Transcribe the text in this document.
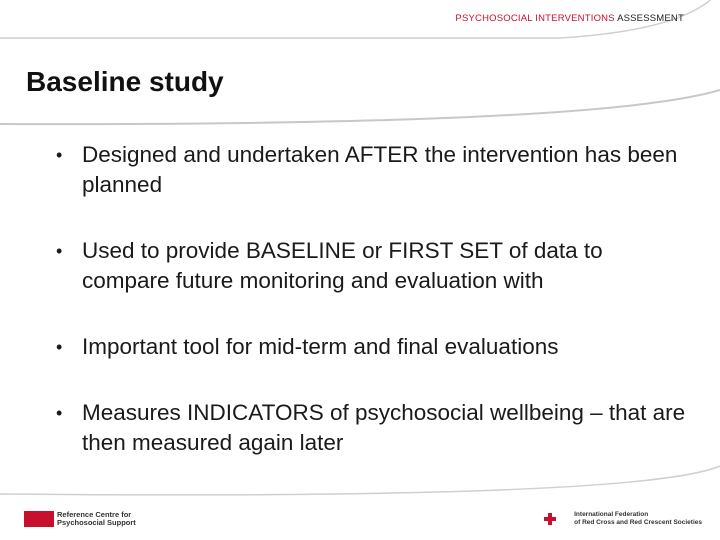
PSYCHOSOCIAL INTERVENTIONS ASSESSMENT
Baseline study
• Designed and undertaken AFTER the intervention has been planned
• Used to provide BASELINE or FIRST SET of data to compare future monitoring and evaluation with
• Important tool for mid-term and final evaluations
• Measures INDICATORS of psychosocial wellbeing – that are then measured again later
Reference Centre for
Psychosocial Support
International Federation
of Red Cross and Red Crescent Societies
